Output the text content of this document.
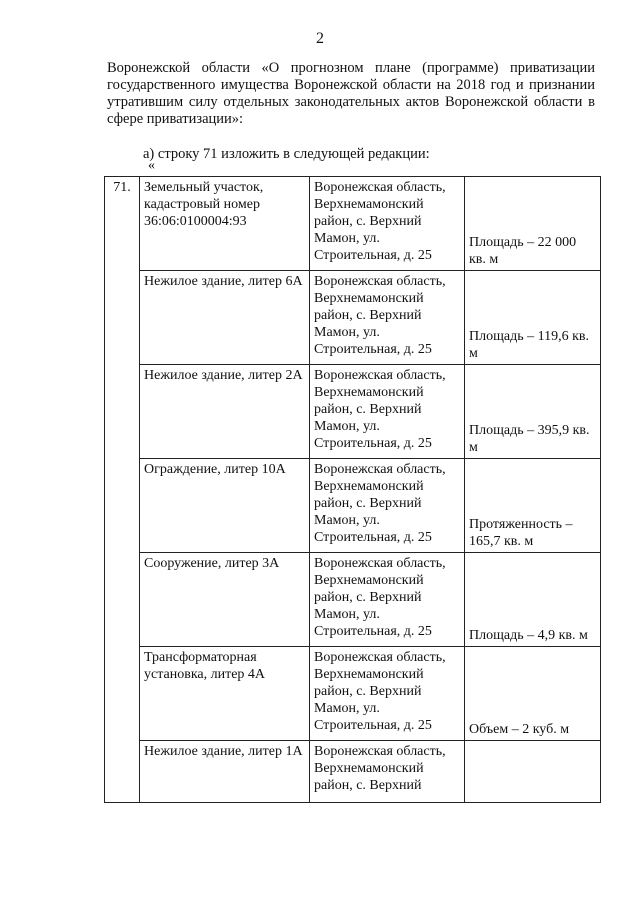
2
Воронежской области «О прогнозном плане (программе) приватизации государственного имущества Воронежской области на 2018 год и признании утратившим силу отдельных законодательных актов Воронежской области в сфере приватизации»:
а) строку 71 изложить в следующей редакции:
«
71.	Земельный участок, кадастровый номер 36:06:0100004:93	Воронежская область, Верхнемамонский район, с. Верхний Мамон, ул. Строительная, д. 25	Площадь – 22 000 кв. м
	Нежилое здание, литер 6А	Воронежская область, Верхнемамонский район, с. Верхний Мамон, ул. Строительная, д. 25	Площадь – 119,6 кв. м
	Нежилое здание, литер 2А	Воронежская область, Верхнемамонский район, с. Верхний Мамон, ул. Строительная, д. 25	Площадь – 395,9 кв. м
	Ограждение, литер 10А	Воронежская область, Верхнемамонский район, с. Верхний Мамон, ул. Строительная, д. 25	Протяженность – 165,7 кв. м
	Сооружение, литер 3А	Воронежская область, Верхнемамонский район, с. Верхний Мамон, ул. Строительная, д. 25	Площадь – 4,9 кв. м
	Трансформаторная установка, литер 4А	Воронежская область, Верхнемамонский район, с. Верхний Мамон, ул. Строительная, д. 25	Объем – 2 куб. м
	Нежилое здание, литер 1А	Воронежская область, Верхнемамонский район, с. Верхний	
